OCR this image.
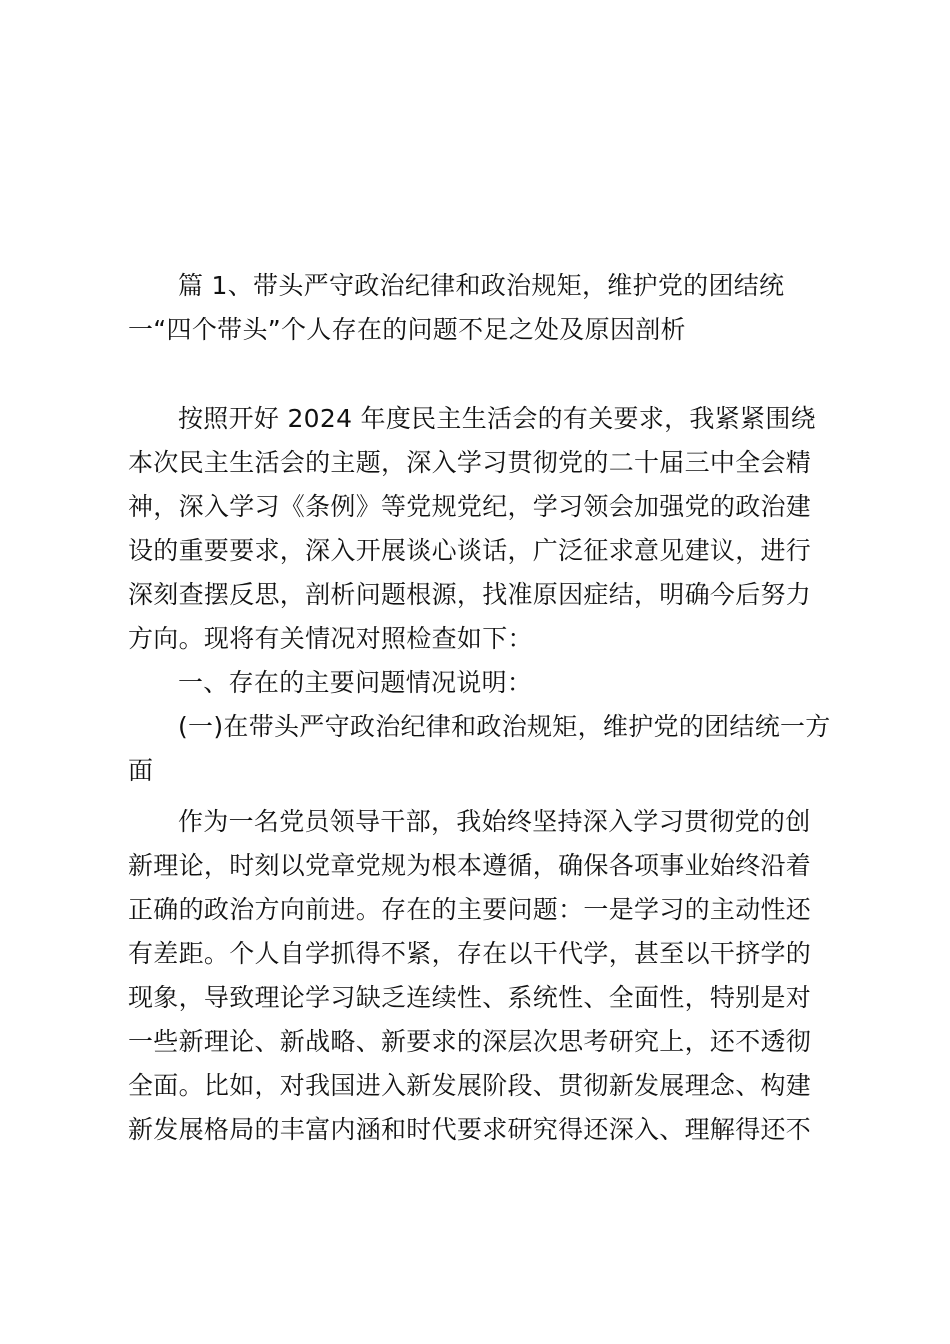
篇 1、带头严守政治纪律和政治规矩，维护党的团结统
一“四个带头”个人存在的问题不足之处及原因剖析
按照开好 2024 年度民主生活会的有关要求，我紧紧围绕
本次民主生活会的主题，深入学习贯彻党的二十届三中全会精
神，深入学习《条例》等党规党纪，学习领会加强党的政治建
设的重要要求，深入开展谈心谈话，广泛征求意见建议，进行
深刻查摆反思，剖析问题根源，找准原因症结，明确今后努力
方向。现将有关情况对照检查如下：
一、存在的主要问题情况说明：
(一)在带头严守政治纪律和政治规矩，维护党的团结统一方
面
作为一名党员领导干部，我始终坚持深入学习贯彻党的创
新理论，时刻以党章党规为根本遵循，确保各项事业始终沿着
正确的政治方向前进。存在的主要问题：一是学习的主动性还
有差距。个人自学抓得不紧，存在以干代学，甚至以干挤学的
现象，导致理论学习缺乏连续性、系统性、全面性，特别是对
一些新理论、新战略、新要求的深层次思考研究上，还不透彻
全面。比如，对我国进入新发展阶段、贯彻新发展理念、构建
新发展格局的丰富内涵和时代要求研究得还深入、理解得还不
